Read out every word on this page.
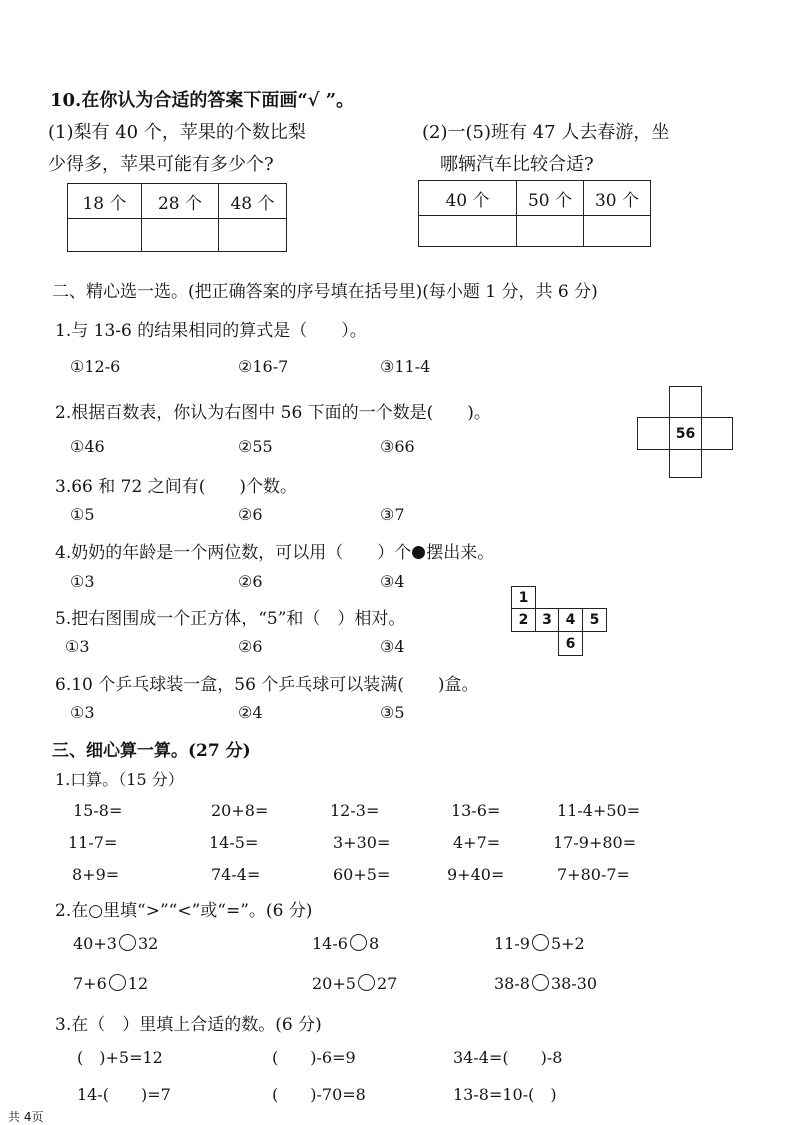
10.在你认为合适的答案下面画“√ ”。
(1)梨有 40 个，苹果的个数比梨
少得多，苹果可能有多少个?
18 个	28 个	48 个

(2)一(5)班有 47 人去春游，坐
哪辆汽车比较合适?
40 个	50 个	30 个

二、精心选一选。(把正确答案的序号填在括号里)(每小题 1 分，共 6 分)
1.与 13-6 的结果相同的算式是（　　）。
①12-6	②16-7	③11-4
2.根据百数表，你认为右图中 56 下面的一个数是(　　)。
①46	②55	③66
56
3.66 和 72 之间有(　　)个数。
①5	②6	③7
4.奶奶的年龄是一个两位数，可以用（　　）个 摆出来。
①3	②6	③4
5.把右图围成一个正方体，“5”和（　）相对。
①3	②6	③4
1
2 3 4	5
6
6.10 个乒乓球装一盒，56 个乒乓球可以装满(　　)盒。
①3	②4	③5
三、细心算一算。(27 分)
1.口算。（15 分）
15-8=	20+8=	12-3=	13-6=	11-4+50=
11-7=	14-5=	3+30=	4+7=	17-9+80=
8+9=	74-4=	60+5=	9+40=	7+80-7=
2.在○里填“>”“<”或“=”。(6 分)
40+3 32	14-6 8	11-9 5+2
7+6 12	20+5 27	38-8 38-30
3.在（　）里填上合适的数。(6 分)
(　)+5=12	(　　)-6=9	34-4=(　　)-8
14-(　　)=7	(　　)-70=8	13-8=10-(　)
共 4页
